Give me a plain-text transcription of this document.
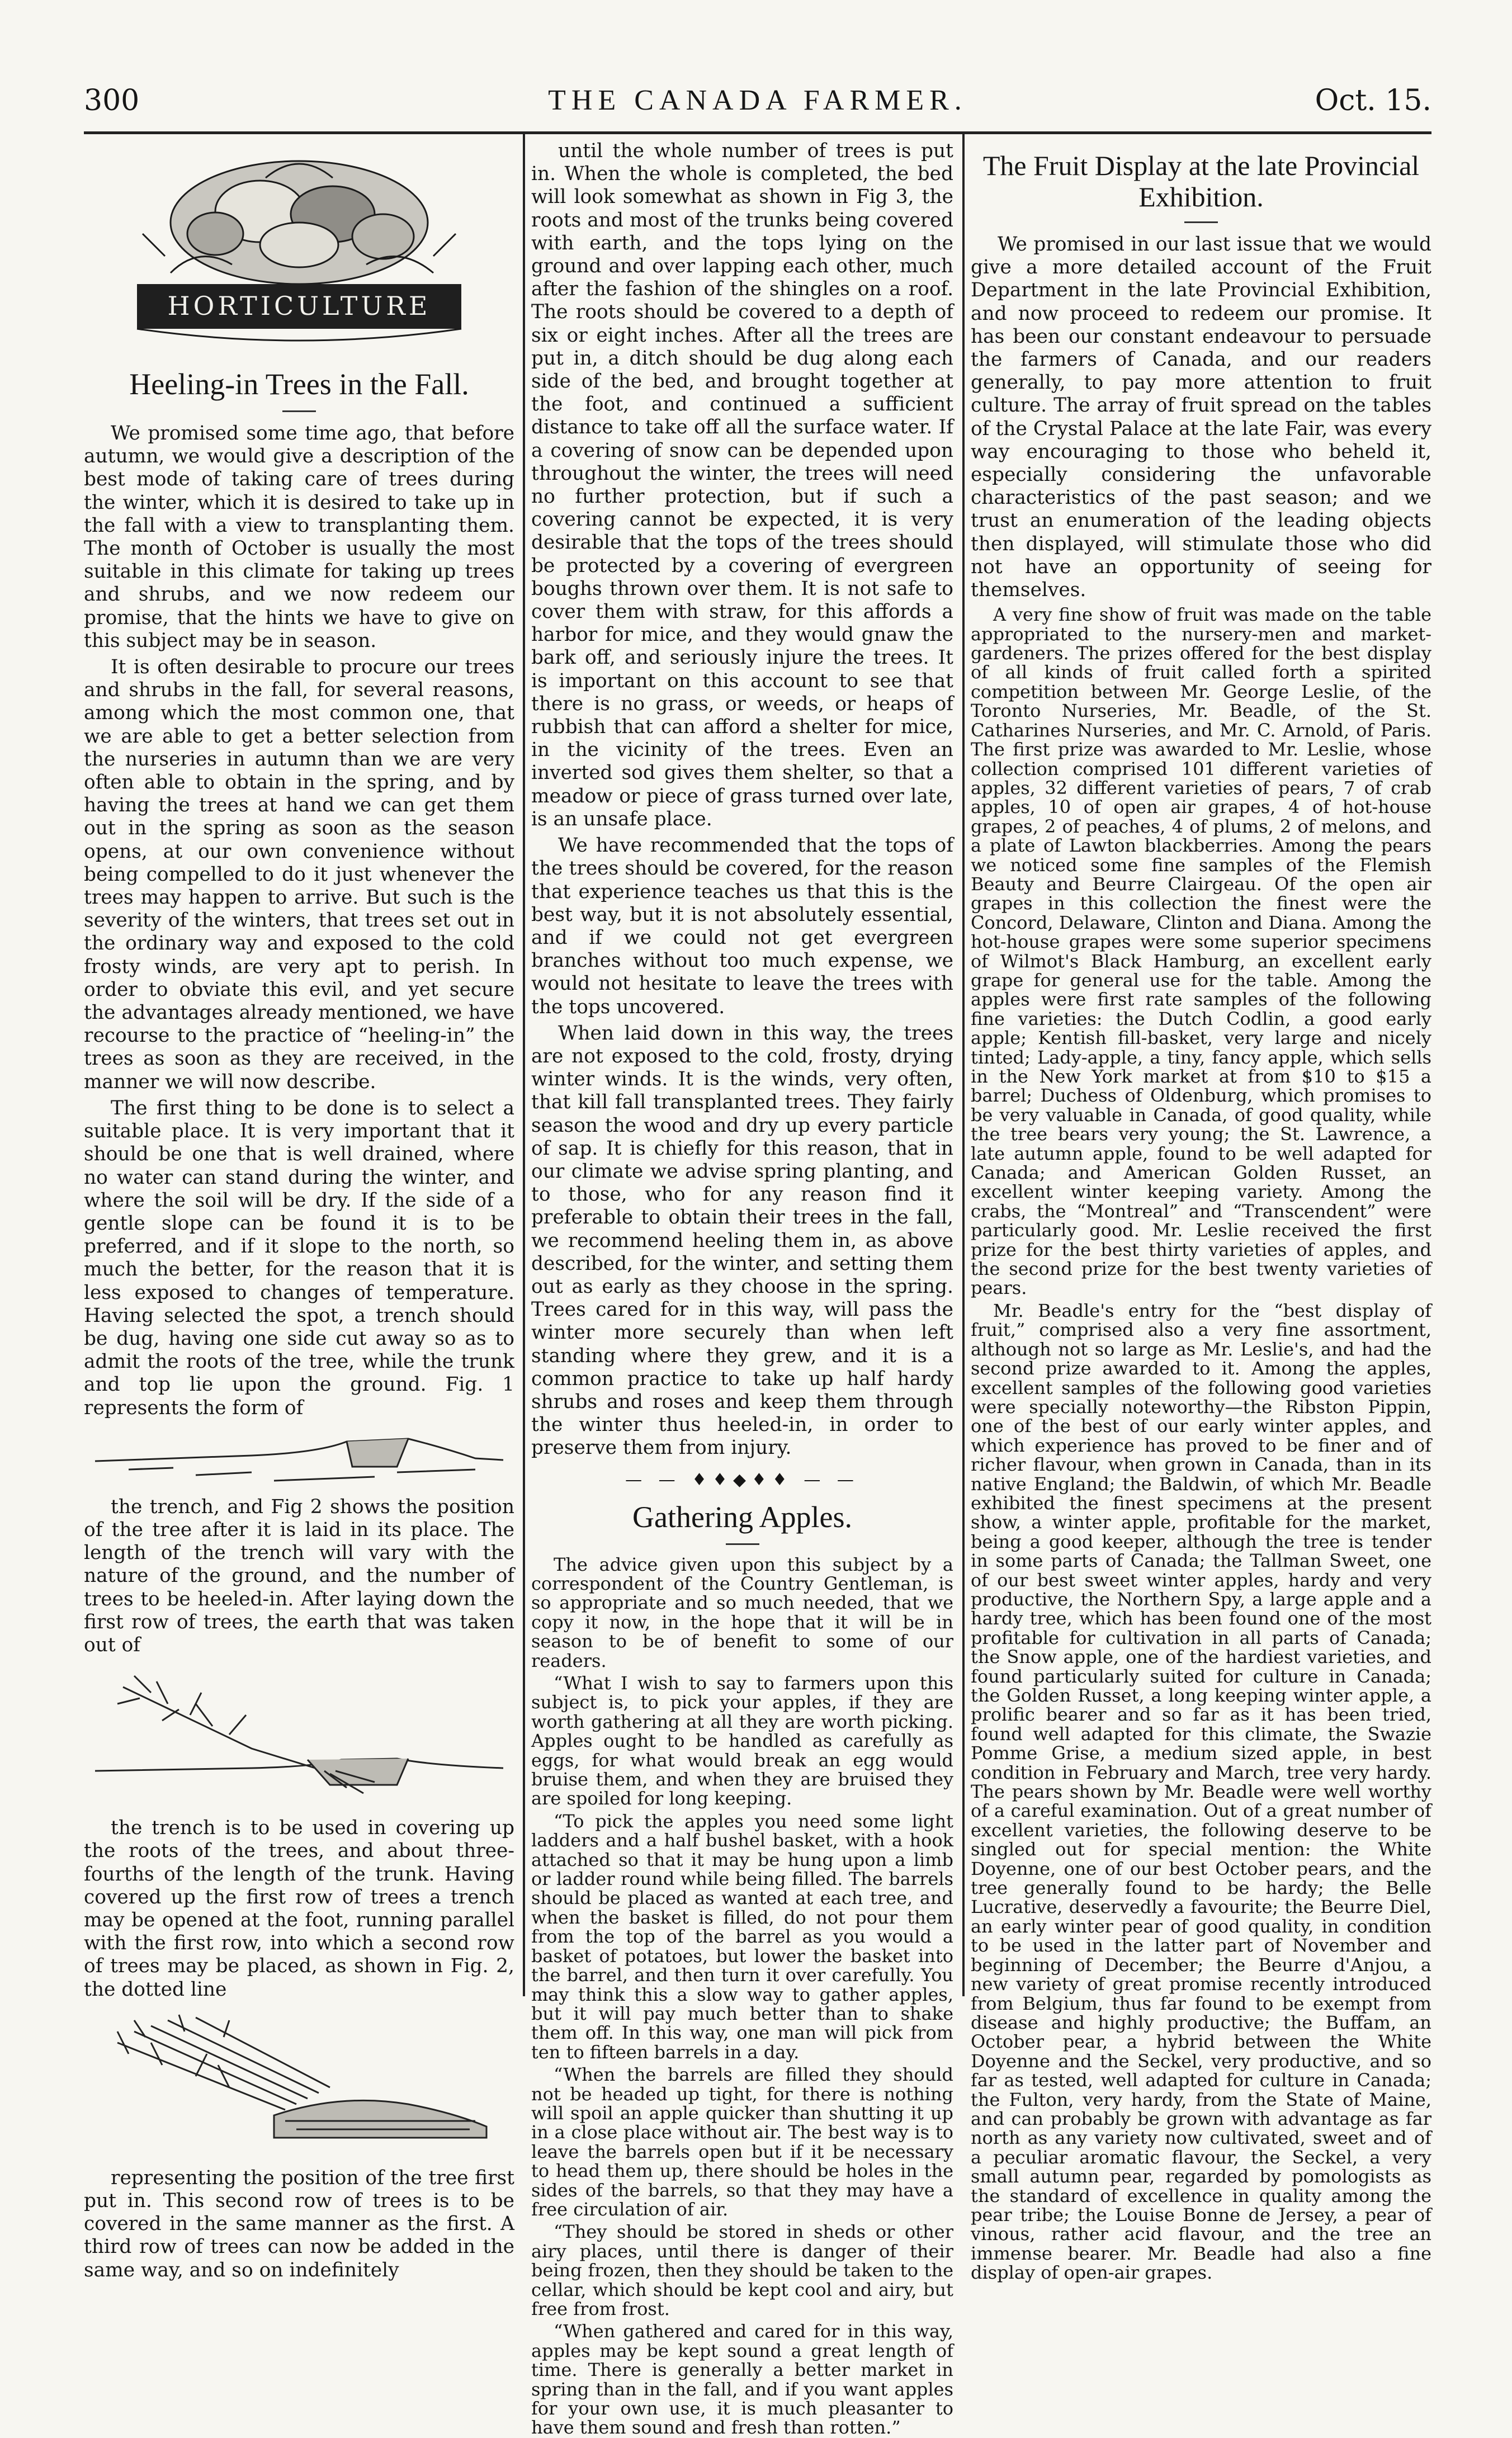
300	THE CANADA FARMER.	Oct. 15.
HORTICULTURE
Heeling-in Trees in the Fall.

We promised some time ago, that before autumn, we would give a description of the best mode of taking care of trees during the winter, which it is desired to take up in the fall with a view to transplanting them. The month of October is usually the most suitable in this climate for taking up trees and shrubs, and we now redeem our promise, that the hints we have to give on this subject may be in season.

It is often desirable to procure our trees and shrubs in the fall, for several reasons, among which the most common one, that we are able to get a better selection from the nurseries in autumn than we are very often able to obtain in the spring, and by having the trees at hand we can get them out in the spring as soon as the season opens, at our own convenience without being compelled to do it just whenever the trees may happen to arrive. But such is the severity of the winters, that trees set out in the ordinary way and exposed to the cold frosty winds, are very apt to perish. In order to obviate this evil, and yet secure the advantages already mentioned, we have recourse to the practice of “heeling-in” the trees as soon as they are received, in the manner we will now describe.

The first thing to be done is to select a suitable place. It is very important that it should be one that is well drained, where no water can stand during the winter, and where the soil will be dry. If the side of a gentle slope can be found it is to be preferred, and if it slope to the north, so much the better, for the reason that it is less exposed to changes of temperature. Having selected the spot, a trench should be dug, having one side cut away so as to admit the roots of the tree, while the trunk and top lie upon the ground. Fig. 1 represents the form of

the trench, and Fig 2 shows the position of the tree after it is laid in its place. The length of the trench will vary with the nature of the ground, and the number of trees to be heeled-in. After laying down the first row of trees, the earth that was taken out of

the trench is to be used in covering up the roots of the trees, and about three-fourths of the length of the trunk. Having covered up the first row of trees a trench may be opened at the foot, running parallel with the first row, into which a second row of trees may be placed, as shown in Fig. 2, the dotted line

representing the position of the tree first put in. This second row of trees is to be covered in the same manner as the first. A third row of trees can now be added in the same way, and so on indefinitely

until the whole number of trees is put in. When the whole is completed, the bed will look somewhat as shown in Fig 3, the roots and most of the trunks being covered with earth, and the tops lying on the ground and over lapping each other, much after the fashion of the shingles on a roof. The roots should be covered to a depth of six or eight inches. After all the trees are put in, a ditch should be dug along each side of the bed, and brought together at the foot, and continued a sufficient distance to take off all the surface water. If a covering of snow can be depended upon throughout the winter, the trees will need no further protection, but if such a covering cannot be expected, it is very desirable that the tops of the trees should be protected by a covering of evergreen boughs thrown over them. It is not safe to cover them with straw, for this affords a harbor for mice, and they would gnaw the bark off, and seriously injure the trees. It is important on this account to see that there is no grass, or weeds, or heaps of rubbish that can afford a shelter for mice, in the vicinity of the trees. Even an inverted sod gives them shelter, so that a meadow or piece of grass turned over late, is an unsafe place.

We have recommended that the tops of the trees should be covered, for the reason that experience teaches us that this is the best way, but it is not absolutely essential, and if we could not get evergreen branches without too much expense, we would not hesitate to leave the trees with the tops uncovered.

When laid down in this way, the trees are not exposed to the cold, frosty, drying winter winds. It is the winds, very often, that kill fall transplanted trees. They fairly season the wood and dry up every particle of sap. It is chiefly for this reason, that in our climate we advise spring planting, and to those, who for any reason find it preferable to obtain their trees in the fall, we recommend heeling them in, as above described, for the winter, and setting them out as early as they choose in the spring. Trees cared for in this way, will pass the winter more securely than when left standing where they grew, and it is a common practice to take up half hardy shrubs and roses and keep them through the winter thus heeled-in, in order to preserve them from injury.

— — ♦♦◆♦♦ — —
Gathering Apples.

The advice given upon this subject by a correspondent of the Country Gentleman, is so appropriate and so much needed, that we copy it now, in the hope that it will be in season to be of benefit to some of our readers.

“What I wish to say to farmers upon this subject is, to pick your apples, if they are worth gathering at all they are worth picking. Apples ought to be handled as carefully as eggs, for what would break an egg would bruise them, and when they are bruised they are spoiled for long keeping.

“To pick the apples you need some light ladders and a half bushel basket, with a hook attached so that it may be hung upon a limb or ladder round while being filled. The barrels should be placed as wanted at each tree, and when the basket is filled, do not pour them from the top of the barrel as you would a basket of potatoes, but lower the basket into the barrel, and then turn it over carefully. You may think this a slow way to gather apples, but it will pay much better than to shake them off. In this way, one man will pick from ten to fifteen barrels in a day.

“When the barrels are filled they should not be headed up tight, for there is nothing will spoil an apple quicker than shutting it up in a close place without air. The best way is to leave the barrels open but if it be necessary to head them up, there should be holes in the sides of the barrels, so that they may have a free circulation of air.

“They should be stored in sheds or other airy places, until there is danger of their being frozen, then they should be taken to the cellar, which should be kept cool and airy, but free from frost.

“When gathered and cared for in this way, apples may be kept sound a great length of time. There is generally a better market in spring than in the fall, and if you want apples for your own use, it is much pleasanter to have them sound and fresh than rotten.”

The Fruit Display at the late Provincial Exhibition.

We promised in our last issue that we would give a more detailed account of the Fruit Department in the late Provincial Exhibition, and now proceed to redeem our promise. It has been our constant endeavour to persuade the farmers of Canada, and our readers generally, to pay more attention to fruit culture. The array of fruit spread on the tables of the Crystal Palace at the late Fair, was every way encouraging to those who beheld it, especially considering the unfavorable characteristics of the past season; and we trust an enumeration of the leading objects then displayed, will stimulate those who did not have an opportunity of seeing for themselves.

A very fine show of fruit was made on the table appropriated to the nursery-men and market-gardeners. The prizes offered for the best display of all kinds of fruit called forth a spirited competition between Mr. George Leslie, of the Toronto Nurseries, Mr. Beadle, of the St. Catharines Nurseries, and Mr. C. Arnold, of Paris. The first prize was awarded to Mr. Leslie, whose collection comprised 101 different varieties of apples, 32 different varieties of pears, 7 of crab apples, 10 of open air grapes, 4 of hot-house grapes, 2 of peaches, 4 of plums, 2 of melons, and a plate of Lawton blackberries. Among the pears we noticed some fine samples of the Flemish Beauty and Beurre Clairgeau. Of the open air grapes in this collection the finest were the Concord, Delaware, Clinton and Diana. Among the hot-house grapes were some superior specimens of Wilmot's Black Hamburg, an excellent early grape for general use for the table. Among the apples were first rate samples of the following fine varieties: the Dutch Codlin, a good early apple; Kentish fill-basket, very large and nicely tinted; Lady-apple, a tiny, fancy apple, which sells in the New York market at from $10 to $15 a barrel; Duchess of Oldenburg, which promises to be very valuable in Canada, of good quality, while the tree bears very young; the St. Lawrence, a late autumn apple, found to be well adapted for Canada; and American Golden Russet, an excellent winter keeping variety. Among the crabs, the “Montreal” and “Transcendent” were particularly good. Mr. Leslie received the first prize for the best thirty varieties of apples, and the second prize for the best twenty varieties of pears.

Mr. Beadle's entry for the “best display of fruit,” comprised also a very fine assortment, although not so large as Mr. Leslie's, and had the second prize awarded to it. Among the apples, excellent samples of the following good varieties were specially noteworthy—the Ribston Pippin, one of the best of our early winter apples, and which experience has proved to be finer and of richer flavour, when grown in Canada, than in its native England; the Baldwin, of which Mr. Beadle exhibited the finest specimens at the present show, a winter apple, profitable for the market, being a good keeper, although the tree is tender in some parts of Canada; the Tallman Sweet, one of our best sweet winter apples, hardy and very productive, the Northern Spy, a large apple and a hardy tree, which has been found one of the most profitable for cultivation in all parts of Canada; the Snow apple, one of the hardiest varieties, and found particularly suited for culture in Canada; the Golden Russet, a long keeping winter apple, a prolific bearer and so far as it has been tried, found well adapted for this climate, the Swazie Pomme Grise, a medium sized apple, in best condition in February and March, tree very hardy. The pears shown by Mr. Beadle were well worthy of a careful examination. Out of a great number of excellent varieties, the following deserve to be singled out for special mention: the White Doyenne, one of our best October pears, and the tree generally found to be hardy; the Belle Lucrative, deservedly a favourite; the Beurre Diel, an early winter pear of good quality, in condition to be used in the latter part of November and beginning of December; the Beurre d'Anjou, a new variety of great promise recently introduced from Belgium, thus far found to be exempt from disease and highly productive; the Buffam, an October pear, a hybrid between the White Doyenne and the Seckel, very productive, and so far as tested, well adapted for culture in Canada; the Fulton, very hardy, from the State of Maine, and can probably be grown with advantage as far north as any variety now cultivated, sweet and of a peculiar aromatic flavour, the Seckel, a very small autumn pear, regarded by pomologists as the standard of excellence in quality among the pear tribe; the Louise Bonne de Jersey, a pear of vinous, rather acid flavour, and the tree an immense bearer. Mr. Beadle had also a fine display of open-air grapes.
